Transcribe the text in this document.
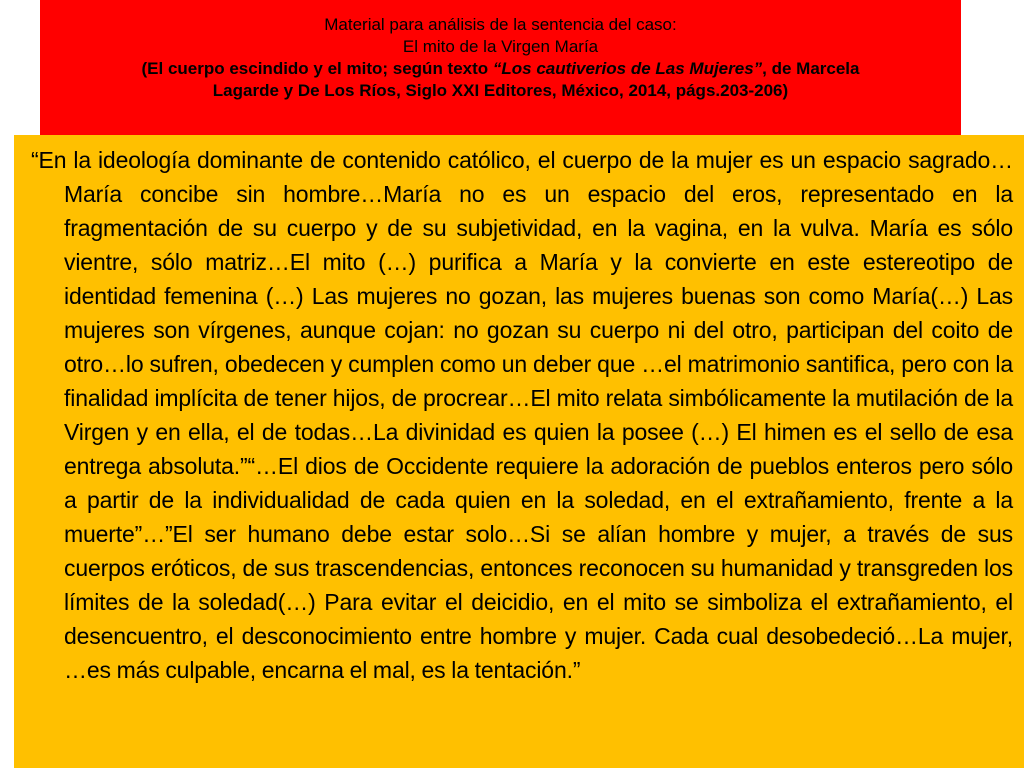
Material para análisis de la sentencia del caso:
El mito de la Virgen María
(El cuerpo escindido y el mito; según texto “Los cautiverios de Las Mujeres”, de Marcela
Lagarde y De Los Ríos, Siglo XXI Editores, México, 2014, págs.203-206)

“En la ideología dominante de contenido católico, el cuerpo de la mujer es un espacio sagrado…María concibe sin hombre…María no es un espacio del eros, representado en la fragmentación de su cuerpo y de su subjetividad, en la vagina, en la vulva. María es sólo vientre, sólo matriz…El mito (…) purifica a María y la convierte en este estereotipo de identidad femenina (…) Las mujeres no gozan, las mujeres buenas son como María(…) Las mujeres son vírgenes, aunque cojan: no gozan su cuerpo ni del otro, participan del coito de otro…lo sufren, obedecen y cumplen como un deber que …el matrimonio santifica, pero con la finalidad implícita de tener hijos, de procrear…El mito relata simbólicamente la mutilación de la Virgen y en ella, el de todas…La divinidad es quien la posee (…) El himen es el sello de esa entrega absoluta.”“…El dios de Occidente requiere la adoración de pueblos enteros pero sólo a partir de la individualidad de cada quien en la soledad, en el extrañamiento, frente a la muerte”…”El ser humano debe estar solo…Si se alían hombre y mujer, a través de sus cuerpos eróticos, de sus trascendencias, entonces reconocen su humanidad y transgreden los límites de la soledad(…) Para evitar el deicidio, en el mito se simboliza el extrañamiento, el desencuentro, el desconocimiento entre hombre y mujer. Cada cual desobedeció…La mujer, …es más culpable, encarna el mal, es la tentación.”
